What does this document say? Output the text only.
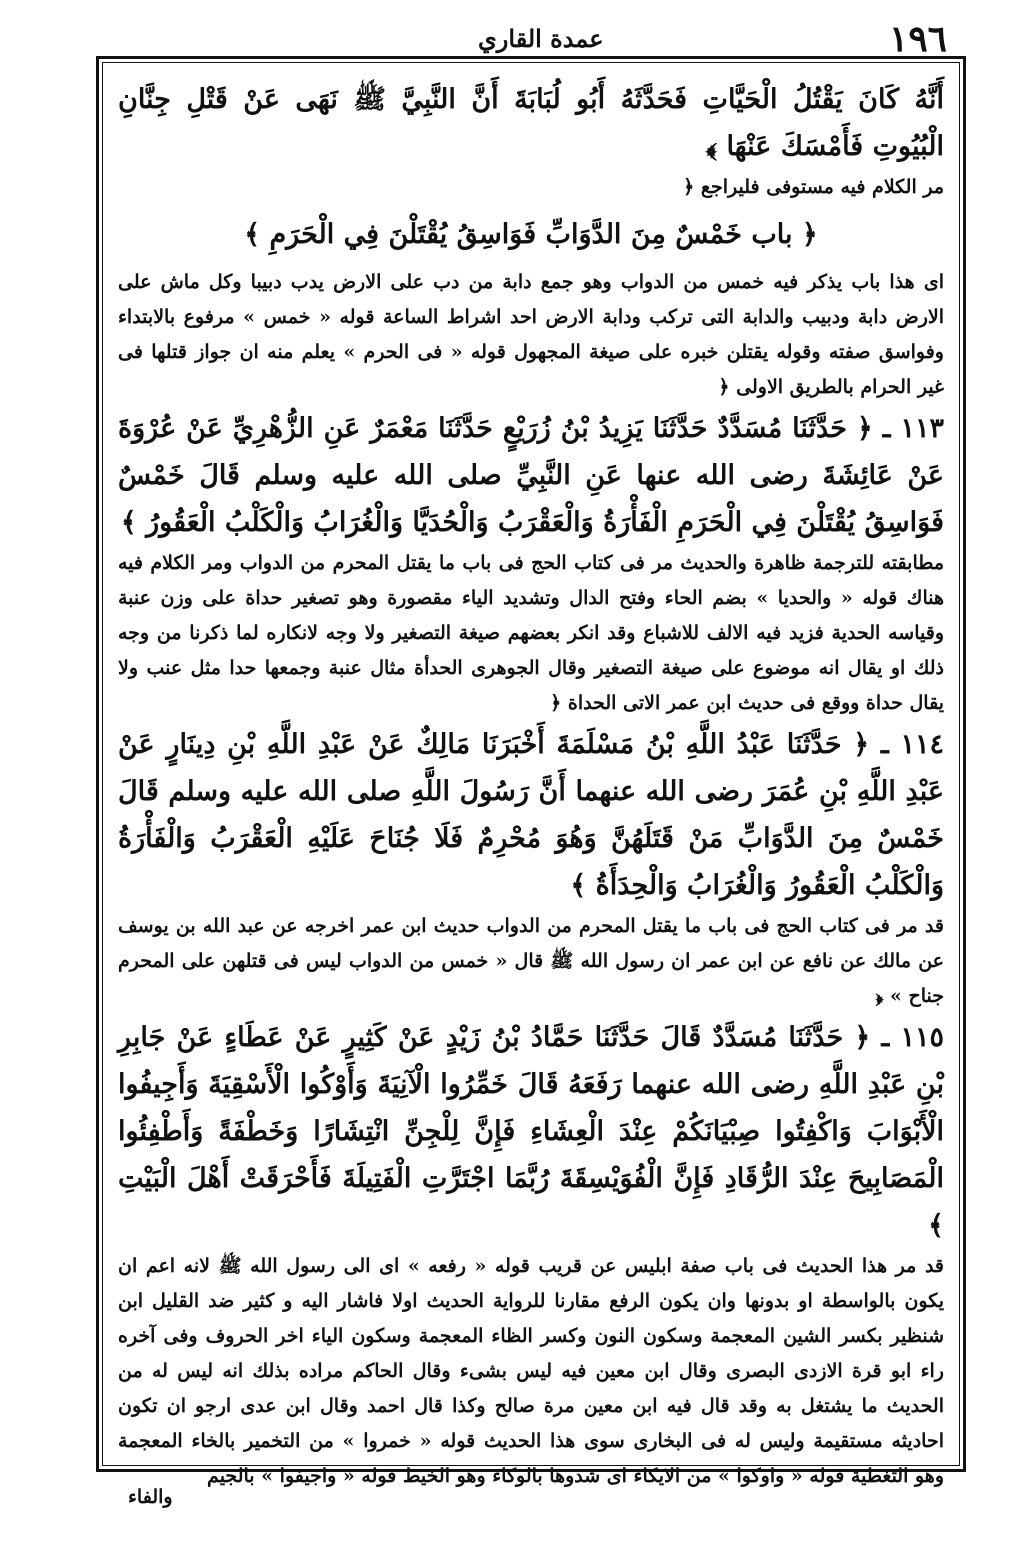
١٩٦
عمدة القاري

أَنَّهُ كَانَ يَقْتُلُ الْحَيَّاتِ فَحَدَّثَهُ أَبُو لُبَابَةَ أَنَّ النَّبِيَّ ﷺ نَهَى عَنْ قَتْلِ جِنَّانِ الْبُيُوتِ فَأَمْسَكَ عَنْهَا ﴾

مر الكلام فيه مستوفى فليراجع ﴿

﴿ باب خَمْسٌ مِنَ الدَّوَابِّ فَوَاسِقُ يُقْتَلْنَ فِي الْحَرَمِ ﴾

اى هذا باب يذكر فيه خمس من الدواب وهو جمع دابة من دب على الارض يدب دبيبا وكل ماش على الارض دابة ودبيب والدابة التى تركب ودابة الارض احد اشراط الساعة قوله « خمس » مرفوع بالابتداء وفواسق صفته وقوله يقتلن خبره على صيغة المجهول قوله « فى الحرم » يعلم منه ان جواز قتلها فى غير الحرام بالطريق الاولى ﴿

١١٣ ـ ﴿ حَدَّثَنَا مُسَدَّدٌ حَدَّثَنَا يَزِيدُ بْنُ زُرَيْعٍ حَدَّثَنَا مَعْمَرٌ عَنِ الزُّهْرِيِّ عَنْ عُرْوَةَ عَنْ عَائِشَةَ رضى الله عنها عَنِ النَّبِيِّ صلى الله عليه وسلم قَالَ خَمْسٌ فَوَاسِقُ يُقْتَلْنَ فِي الْحَرَمِ الْفَأْرَةُ وَالْعَقْرَبُ وَالْحُدَيَّا وَالْغُرَابُ وَالْكَلْبُ الْعَقُورُ ﴾

مطابقته للترجمة ظاهرة والحديث مر فى كتاب الحج فى باب ما يقتل المحرم من الدواب ومر الكلام فيه هناك قوله « والحديا » بضم الحاء وفتح الدال وتشديد الياء مقصورة وهو تصغير حداة على وزن عنبة وقياسه الحدية فزيد فيه الالف للاشباع وقد انكر بعضهم صيغة التصغير ولا وجه لانكاره لما ذكرنا من وجه ذلك او يقال انه موضوع على صيغة التصغير وقال الجوهرى الحدأة مثال عنبة وجمعها حدا مثل عنب ولا يقال حداة ووقع فى حديث ابن عمر الاتى الحداة ﴿

١١٤ ـ ﴿ حَدَّثَنَا عَبْدُ اللَّهِ بْنُ مَسْلَمَةَ أَخْبَرَنَا مَالِكٌ عَنْ عَبْدِ اللَّهِ بْنِ دِينَارٍ عَنْ عَبْدِ اللَّهِ بْنِ عُمَرَ رضى الله عنهما أَنَّ رَسُولَ اللَّهِ صلى الله عليه وسلم قَالَ خَمْسٌ مِنَ الدَّوَابِّ مَنْ قَتَلَهُنَّ وَهُوَ مُحْرِمٌ فَلَا جُنَاحَ عَلَيْهِ الْعَقْرَبُ وَالْفَأْرَةُ وَالْكَلْبُ الْعَقُورُ وَالْغُرَابُ وَالْحِدَأَةُ ﴾

قد مر فى كتاب الحج فى باب ما يقتل المحرم من الدواب حديث ابن عمر اخرجه عن عبد الله بن يوسف عن مالك عن نافع عن ابن عمر ان رسول الله ﷺ قال « خمس من الدواب ليس فى قتلهن على المحرم جناح » ﴿

١١٥ ـ ﴿ حَدَّثَنَا مُسَدَّدٌ قَالَ حَدَّثَنَا حَمَّادُ بْنُ زَيْدٍ عَنْ كَثِيرٍ عَنْ عَطَاءٍ عَنْ جَابِرِ بْنِ عَبْدِ اللَّهِ رضى الله عنهما رَفَعَهُ قَالَ خَمِّرُوا الْآنِيَةَ وَأَوْكُوا الْأَسْقِيَةَ وَأَجِيفُوا الْأَبْوَابَ وَاكْفِتُوا صِبْيَانَكُمْ عِنْدَ الْعِشَاءِ فَإِنَّ لِلْجِنِّ انْتِشَارًا وَخَطْفَةً وَأَطْفِئُوا الْمَصَابِيحَ عِنْدَ الرُّقَادِ فَإِنَّ الْفُوَيْسِقَةَ رُبَّمَا اجْتَرَّتِ الْفَتِيلَةَ فَأَحْرَقَتْ أَهْلَ الْبَيْتِ ﴾

قد مر هذا الحديث فى باب صفة ابليس عن قريب قوله « رفعه » اى الى رسول الله ﷺ لانه اعم ان يكون بالواسطة او بدونها وان يكون الرفع مقارنا للرواية الحديث اولا فاشار اليه و كثير ضد القليل ابن شنظير بكسر الشين المعجمة وسكون النون وكسر الظاء المعجمة وسكون الياء اخر الحروف وفى آخره راء ابو قرة الازدى البصرى وقال ابن معين فيه ليس بشىء وقال الحاكم مراده بذلك انه ليس له من الحديث ما يشتغل به وقد قال فيه ابن معين مرة صالح وكذا قال احمد وقال ابن عدى ارجو ان تكون احاديثه مستقيمة وليس له فى البخارى سوى هذا الحديث قوله « خمروا » من التخمير بالخاء المعجمة وهو التغطية قوله « واوكوا » من الايكاء اى شدوها بالوكاء وهو الخيط قوله « واجيفوا » بالجيم

والفاء
